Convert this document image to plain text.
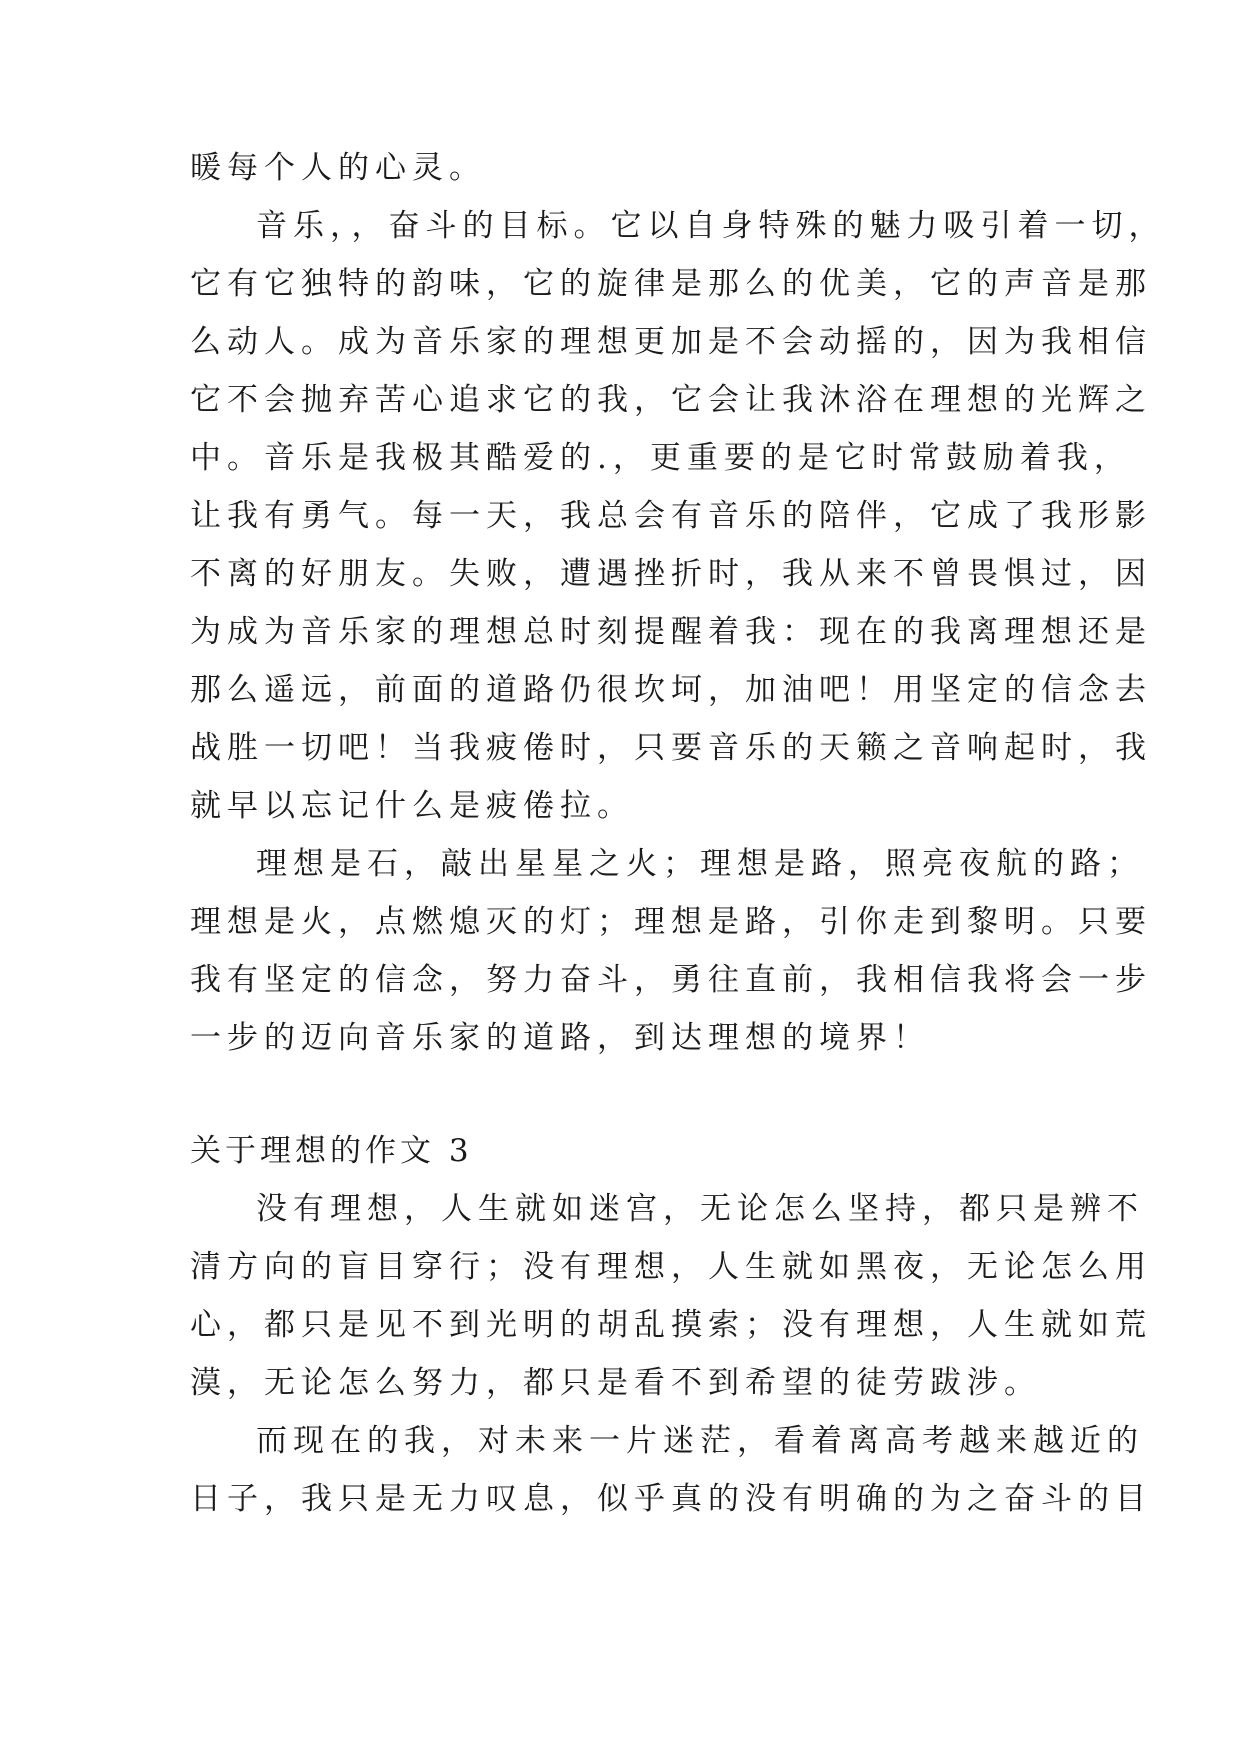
暖每个人的心灵。
音乐，，奋斗的目标。它以自身特殊的魅力吸引着一切，
它有它独特的韵味，它的旋律是那么的优美，它的声音是那
么动人。成为音乐家的理想更加是不会动摇的，因为我相信
它不会抛弃苦心追求它的我，它会让我沐浴在理想的光辉之
中。音乐是我极其酷爱的.，更重要的是它时常鼓励着我，
让我有勇气。每一天，我总会有音乐的陪伴，它成了我形影
不离的好朋友。失败，遭遇挫折时，我从来不曾畏惧过，因
为成为音乐家的理想总时刻提醒着我：现在的我离理想还是
那么遥远，前面的道路仍很坎坷，加油吧！用坚定的信念去
战胜一切吧！当我疲倦时，只要音乐的天籁之音响起时，我
就早以忘记什么是疲倦拉。
理想是石，敲出星星之火；理想是路，照亮夜航的路；
理想是火，点燃熄灭的灯；理想是路，引你走到黎明。只要
我有坚定的信念，努力奋斗，勇往直前，我相信我将会一步
一步的迈向音乐家的道路，到达理想的境界！
关于理想的作文 3
没有理想，人生就如迷宫，无论怎么坚持，都只是辨不
清方向的盲目穿行；没有理想，人生就如黑夜，无论怎么用
心，都只是见不到光明的胡乱摸索；没有理想，人生就如荒
漠，无论怎么努力，都只是看不到希望的徒劳跋涉。
而现在的我，对未来一片迷茫，看着离高考越来越近的
日子，我只是无力叹息，似乎真的没有明确的为之奋斗的目
